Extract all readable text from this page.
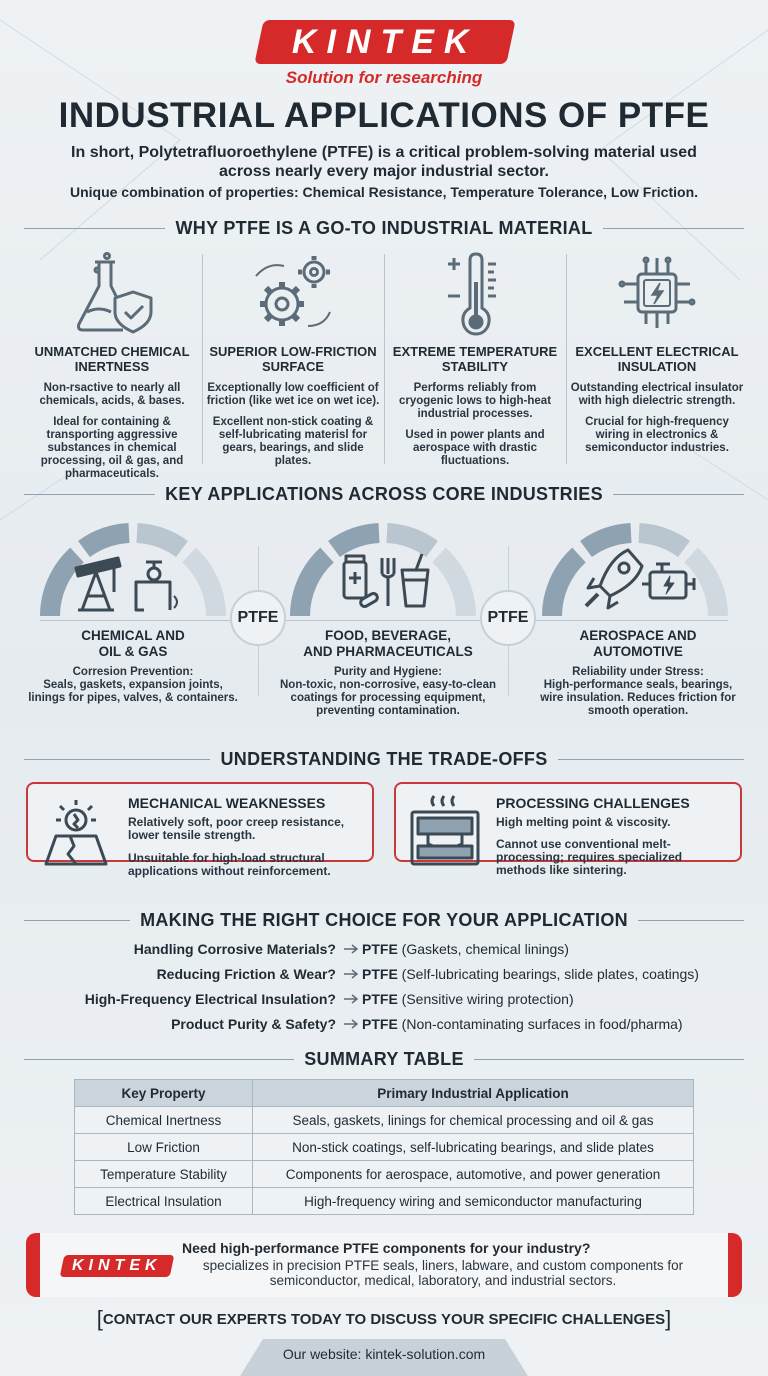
KINTEK
Solution for researching
INDUSTRIAL APPLICATIONS OF PTFE
In short, Polytetrafluoroethylene (PTFE) is a critical problem-solving material used across nearly every major industrial sector.
Unique combination of properties: Chemical Resistance, Temperature Tolerance, Low Friction.
WHY PTFE IS A GO-TO INDUSTRIAL MATERIAL
UNMATCHED CHEMICAL INERTNESS
Non-rsactive to nearly all chemicals, acids, & bases.
Ideal for containing & transporting aggressive substances in chemical processing, oil & gas, and pharmaceuticals.
SUPERIOR LOW-FRICTION SURFACE
Exceptionally low coefficient of friction (like wet ice on wet ice).
Excellent non-stick coating & self-lubricating materisl for gears, bearings, and slide plates.
EXTREME TEMPERATURE STABILITY
Performs reliably from cryogenic lows to high-heat industrial processes.
Used in power plants and aerospace with drastic fluctuations.
EXCELLENT ELECTRICAL INSULATION
Outstanding electrical insulator with high dielectric strength.
Crucial for high-frequency wiring in electronics & semiconductor industries.
KEY APPLICATIONS ACROSS CORE INDUSTRIES
PTFE	PTFE
CHEMICAL AND
OIL & GAS
Corresion Prevention:
Seals, gaskets, expansion joints, linings for pipes, valves, & containers.
FOOD, BEVERAGE,
AND PHARMACEUTICALS
Purity and Hygiene:
Non-toxic, non-corrosive, easy-to-clean coatings for processing equipment, preventing contamination.
AEROSPACE AND
AUTOMOTIVE
Reliability under Stress:
High-performance seals, bearings, wire insulation. Reduces friction for smooth operation.
UNDERSTANDING THE TRADE-OFFS
MECHANICAL WEAKNESSES
Relatively soft, poor creep resistance, lower tensile strength.
Unsuitable for high-load structural applications without reinforcement.
PROCESSING CHALLENGES
High melting point & viscosity.
Cannot use conventional melt-processing; requires specialized methods like sintering.
MAKING THE RIGHT CHOICE FOR YOUR APPLICATION
Handling Corrosive Materials? PTFE (Gaskets, chemical linings)
Reducing Friction & Wear? PTFE (Self-lubricating bearings, slide plates, coatings)
High-Frequency Electrical Insulation? PTFE (Sensitive wiring protection)
Product Purity & Safety? PTFE (Non-contaminating surfaces in food/pharma)
SUMMARY TABLE
Key Property	Primary Industrial Application
Chemical Inertness	Seals, gaskets, linings for chemical processing and oil & gas
Low Friction	Non-stick coatings, self-lubricating bearings, and slide plates
Temperature Stability	Components for aerospace, automotive, and power generation
Electrical Insulation	High-frequency wiring and semiconductor manufacturing
KINTEK
Need high-performance PTFE components for your industry?
specializes in precision PTFE seals, liners, labware, and custom components for semiconductor, medical, laboratory, and industrial sectors.
[CONTACT OUR EXPERTS TODAY TO DISCUSS YOUR SPECIFIC CHALLENGES]
Our website: kintek-solution.com
